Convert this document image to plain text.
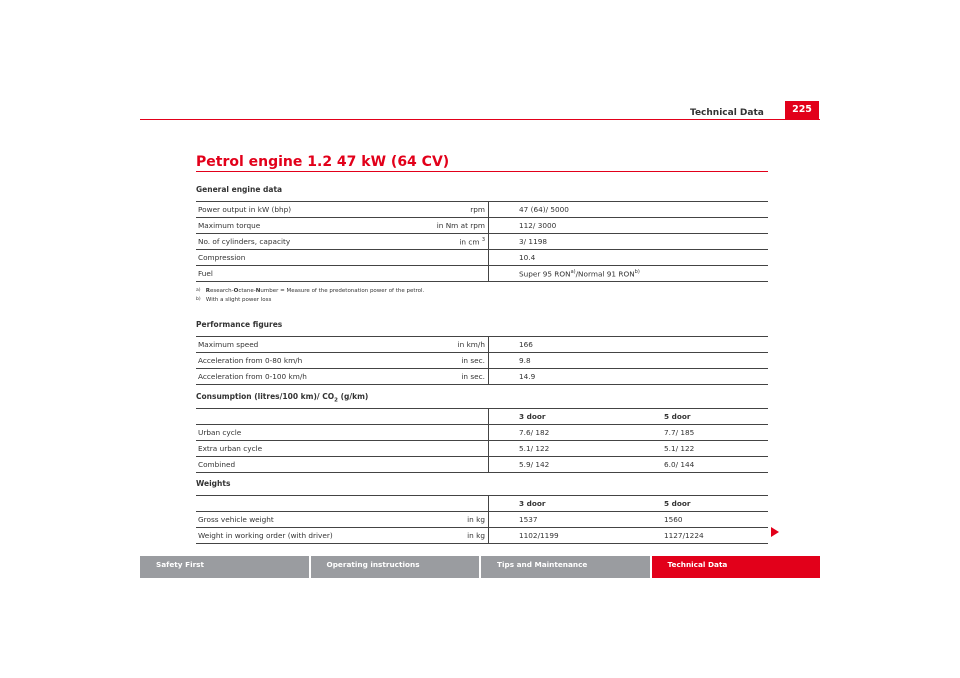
Technical Data	225
Petrol engine 1.2 47 kW (64 CV)
General engine data
Power output in kW (bhp)	rpm	47 (64)/ 5000
Maximum torque	in Nm at rpm	112/ 3000
No. of cylinders, capacity	in cm $^3$	3/ 1198
Compression		10.4
Fuel		Super 95 RON$^{a)}$/Normal 91 RON$^{b)}$
$^{a)}$ Research-Octane-Number = Measure of the predetonation power of the petrol.
$^{b)}$ With a slight power loss
Performance figures
Maximum speed	in km/h	166
Acceleration from 0-80 km/h	in sec.	9.8
Acceleration from 0-100 km/h	in sec.	14.9
Consumption (litres/100 km)/ $CO_2$ (g/km)
		3 door	5 door
Urban cycle		7.6/ 182	7.7/ 185
Extra urban cycle		5.1/ 122	5.1/ 122
Combined		5.9/ 142	6.0/ 144
Weights
		3 door	5 door
Gross vehicle weight	in kg	1537	1560
Weight in working order (with driver)	in kg	1102/1199	1127/1224
Safety First	Operating instructions	Tips and Maintenance	Technical Data
